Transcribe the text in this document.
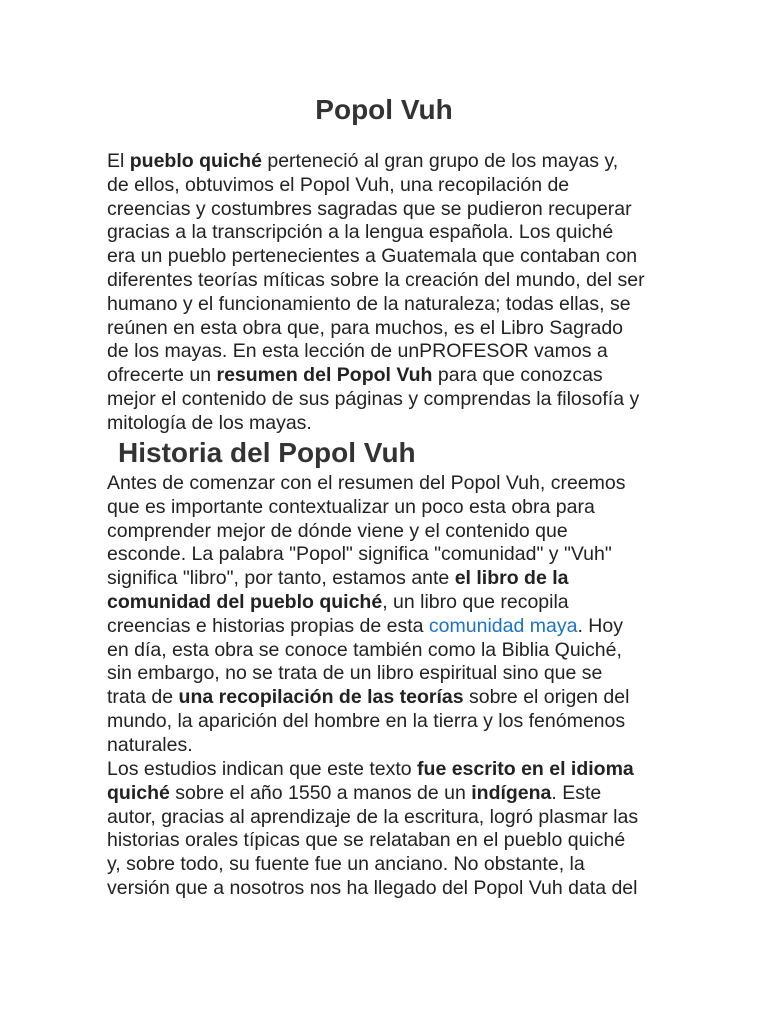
Popol Vuh

El pueblo quiché perteneció al gran grupo de los mayas y,
de ellos, obtuvimos el Popol Vuh, una recopilación de
creencias y costumbres sagradas que se pudieron recuperar
gracias a la transcripción a la lengua española. Los quiché
era un pueblo pertenecientes a Guatemala que contaban con
diferentes teorías míticas sobre la creación del mundo, del ser
humano y el funcionamiento de la naturaleza; todas ellas, se
reúnen en esta obra que, para muchos, es el Libro Sagrado
de los mayas. En esta lección de unPROFESOR vamos a
ofrecerte un resumen del Popol Vuh para que conozcas
mejor el contenido de sus páginas y comprendas la filosofía y
mitología de los mayas.

Historia del Popol Vuh

Antes de comenzar con el resumen del Popol Vuh, creemos
que es importante contextualizar un poco esta obra para
comprender mejor de dónde viene y el contenido que
esconde. La palabra "Popol" significa "comunidad" y "Vuh"
significa "libro", por tanto, estamos ante el libro de la
comunidad del pueblo quiché, un libro que recopila
creencias e historias propias de esta comunidad maya. Hoy
en día, esta obra se conoce también como la Biblia Quiché,
sin embargo, no se trata de un libro espiritual sino que se
trata de una recopilación de las teorías sobre el origen del
mundo, la aparición del hombre en la tierra y los fenómenos
naturales.

Los estudios indican que este texto fue escrito en el idioma
quiché sobre el año 1550 a manos de un indígena. Este
autor, gracias al aprendizaje de la escritura, logró plasmar las
historias orales típicas que se relataban en el pueblo quiché
y, sobre todo, su fuente fue un anciano. No obstante, la
versión que a nosotros nos ha llegado del Popol Vuh data del
